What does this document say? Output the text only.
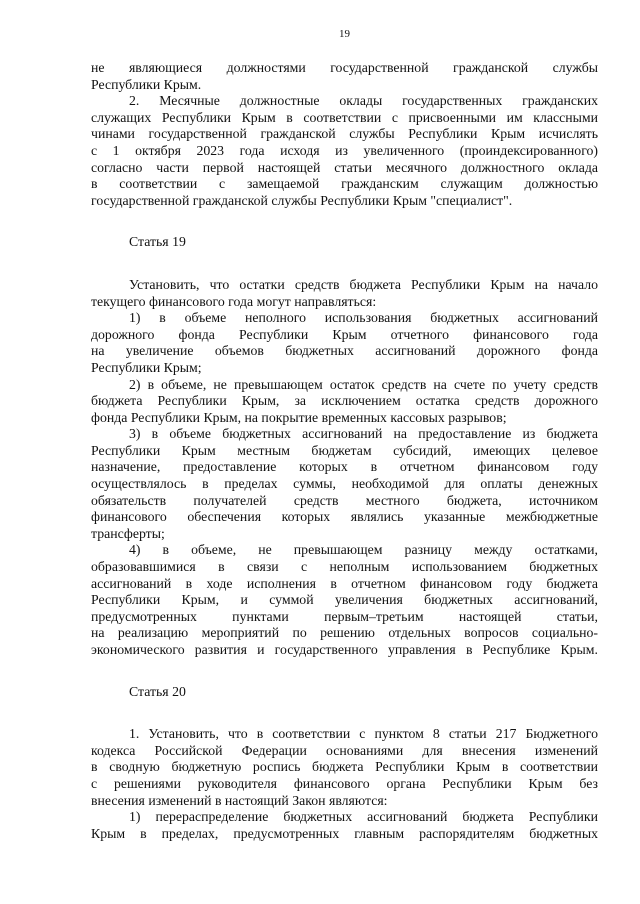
19
не являющиеся должностями государственной гражданской службы
Республики Крым.
2. Месячные должностные оклады государственных гражданских
служащих Республики Крым в соответствии с присвоенными им классными
чинами государственной гражданской службы Республики Крым исчислять
с 1 октября 2023 года исходя из увеличенного (проиндексированного)
согласно части первой настоящей статьи месячного должностного оклада
в соответствии с замещаемой гражданским служащим должностью
государственной гражданской службы Республики Крым "специалист".
Статья 19
Установить, что остатки средств бюджета Республики Крым на начало
текущего финансового года могут направляться:
1) в объеме неполного использования бюджетных ассигнований
дорожного фонда Республики Крым отчетного финансового года
на увеличение объемов бюджетных ассигнований дорожного фонда
Республики Крым;
2) в объеме, не превышающем остаток средств на счете по учету средств
бюджета Республики Крым, за исключением остатка средств дорожного
фонда Республики Крым, на покрытие временных кассовых разрывов;
3) в объеме бюджетных ассигнований на предоставление из бюджета
Республики Крым местным бюджетам субсидий, имеющих целевое
назначение, предоставление которых в отчетном финансовом году
осуществлялось в пределах суммы, необходимой для оплаты денежных
обязательств получателей средств местного бюджета, источником
финансового обеспечения которых являлись указанные межбюджетные
трансферты;
4) в объеме, не превышающем разницу между остатками,
образовавшимися в связи с неполным использованием бюджетных
ассигнований в ходе исполнения в отчетном финансовом году бюджета
Республики Крым, и суммой увеличения бюджетных ассигнований,
предусмотренных пунктами первым–третьим настоящей статьи,
на реализацию мероприятий по решению отдельных вопросов социально-
экономического развития и государственного управления в Республике Крым.
Статья 20
1. Установить, что в соответствии с пунктом 8 статьи 217 Бюджетного
кодекса Российской Федерации основаниями для внесения изменений
в сводную бюджетную роспись бюджета Республики Крым в соответствии
с решениями руководителя финансового органа Республики Крым без
внесения изменений в настоящий Закон являются:
1) перераспределение бюджетных ассигнований бюджета Республики
Крым в пределах, предусмотренных главным распорядителям бюджетных
